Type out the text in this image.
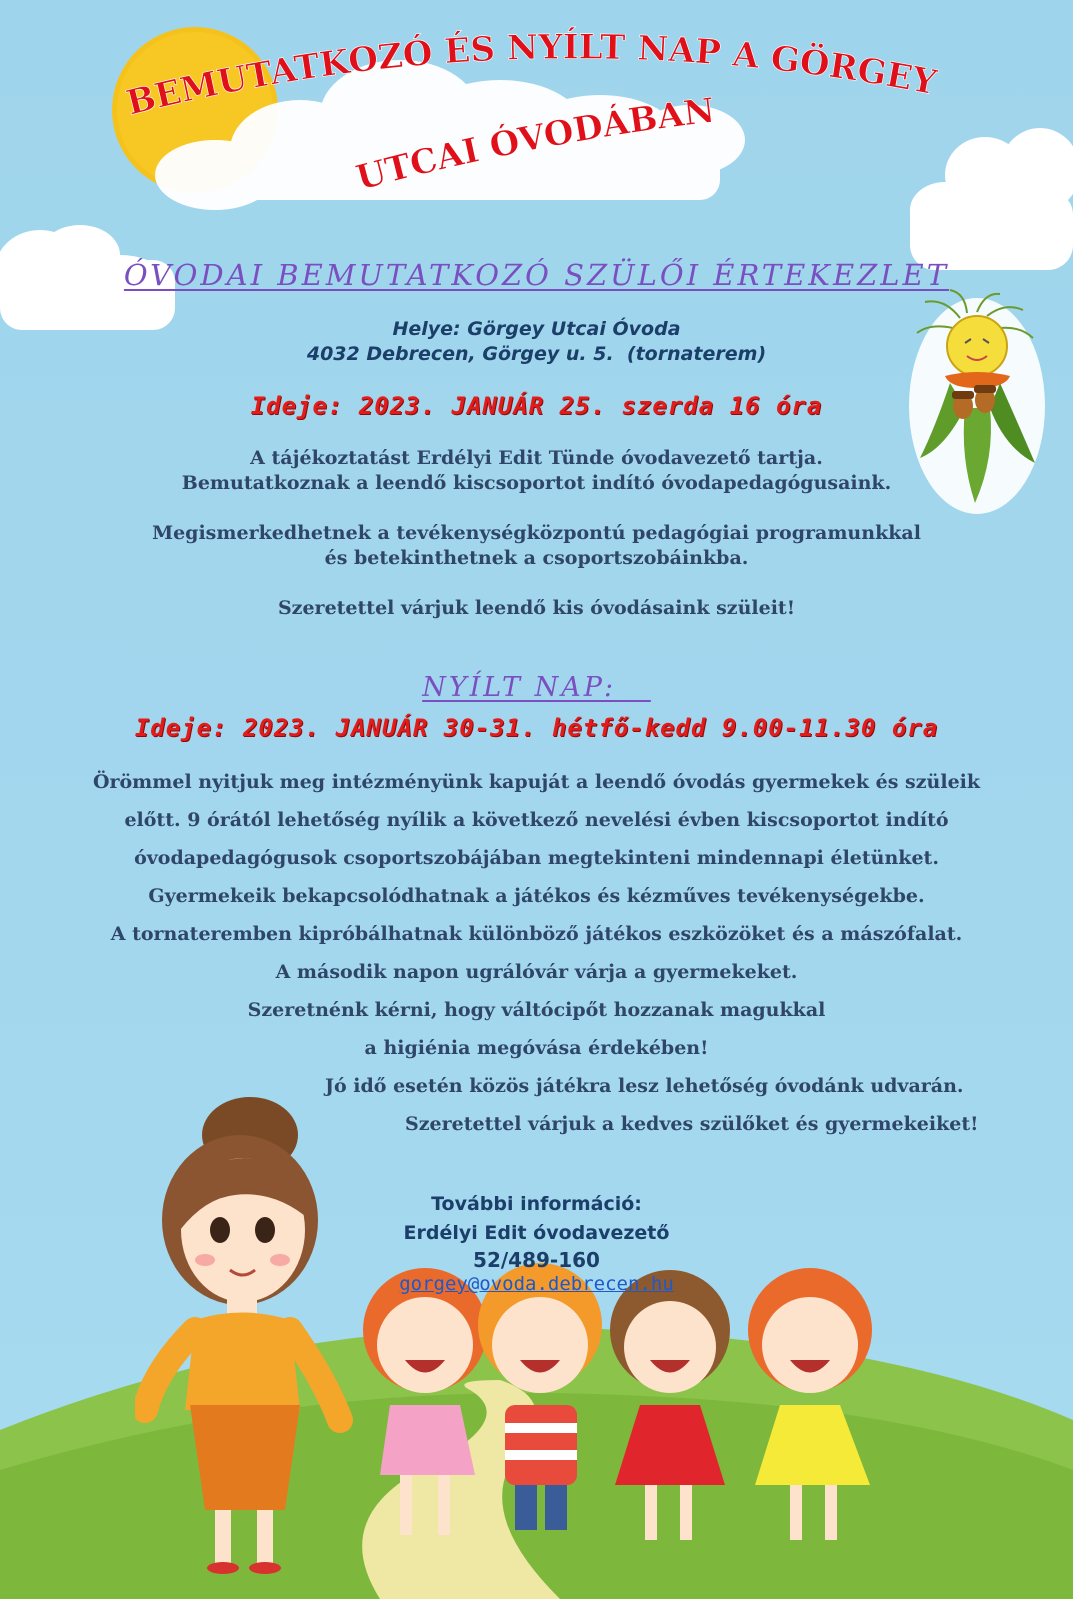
BEMUTATKOZÓ ÉS NYÍLT NAP A GÖRGEY
UTCAI ÓVODÁBAN
ÓVODAI BEMUTATKOZÓ SZÜLŐI ÉRTEKEZLET
Helye: Görgey Utcai Óvoda
4032 Debrecen, Görgey u. 5.  (tornaterem)
Ideje: 2023. JANUÁR 25. szerda 16 óra
A tájékoztatást Erdélyi Edit Tünde óvodavezető tartja.
Bemutatkoznak a leendő kiscsoportot indító óvodapedagógusaink.
Megismerkedhetnek a tevékenységközpontú pedagógiai programunkkal
és betekinthetnek a csoportszobáinkba.
Szeretettel várjuk leendő kis óvodásaink szüleit!
NYÍLT NAP:
Ideje: 2023. JANUÁR 30-31. hétfő-kedd 9.00-11.30 óra
Örömmel nyitjuk meg intézményünk kapuját a leendő óvodás gyermekek és szüleik
előtt. 9 órától lehetőség nyílik a következő nevelési évben kiscsoportot indító
óvodapedagógusok csoportszobájában megtekinteni mindennapi életünket.
Gyermekeik bekapcsolódhatnak a játékos és kézműves tevékenységekbe.
A tornateremben kipróbálhatnak különböző játékos eszközöket és a mászófalat.
A második napon ugrálóvár várja a gyermekeket.
Szeretnénk kérni, hogy váltócipőt hozzanak magukkal
a higiénia megóvása érdekében!
Jó idő esetén közös játékra lesz lehetőség óvodánk udvarán.
Szeretettel várjuk a kedves szülőket és gyermekeiket!
További információ:
Erdélyi Edit óvodavezető
52/489-160
gorgey@ovoda.debrecen.hu
